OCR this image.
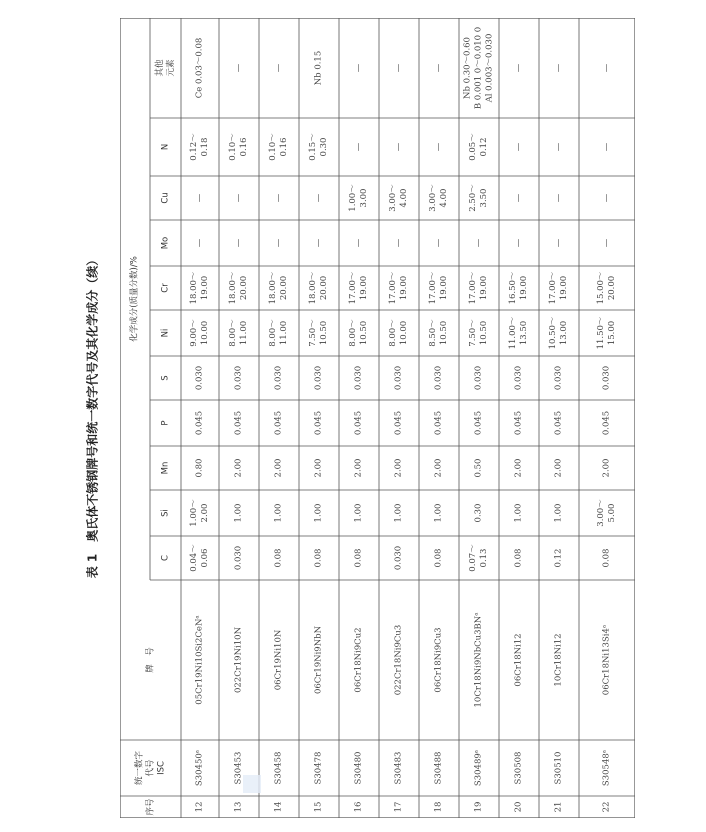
表 1　奥氏体不锈钢牌号和统一数字代号及其化学成分（续）	化学成分(质量分数)/%
其他
元素
N
Cu
Mo
Cr
Ni
S
P
Mn
Si
C
牌　号
统一数字
代号
ISC
序号
Ce 0.03～0.08
0.12～
0.18
—
—
18.00～
19.00
9.00～
10.00
0.030
0.045
0.80
1.00～
2.00
0.04～
0.06
05Cr19Ni10Si2CeNᵃ
S30450ᵃ
12
—
0.10～
0.16
—
—
18.00～
20.00
8.00～
11.00
0.030
0.045
2.00
1.00
0.030
022Cr19Ni10N
S30453
13
—
0.10～
0.16
—
—
18.00～
20.00
8.00～
11.00
0.030
0.045
2.00
1.00
0.08
06Cr19Ni10N
S30458
14
Nb 0.15
0.15～
0.30
—
—
18.00～
20.00
7.50～
10.50
0.030
0.045
2.00
1.00
0.08
06Cr19Ni9NbN
S30478
15
—
—
1.00～
3.00
—
17.00～
19.00
8.00～
10.50
0.030
0.045
2.00
1.00
0.08
06Cr18Ni9Cu2
S30480
16
—
—
3.00～
4.00
—
17.00～
19.00
8.00～
10.00
0.030
0.045
2.00
1.00
0.030
022Cr18Ni9Cu3
S30483
17
—
—
3.00～
4.00
—
17.00～
19.00
8.50～
10.50
0.030
0.045
2.00
1.00
0.08
06Cr18Ni9Cu3
S30488
18
Nb 0.30～0.60
B 0.001 0～0.010 0
Al 0.003～0.030
0.05～
0.12
2.50～
3.50
—
17.00～
19.00
7.50～
10.50
0.030
0.045
0.50
0.30
0.07～
0.13
10Cr18Ni9NbCu3BNᵃ
S30489ᵃ
19
—
—
—
—
16.50～
19.00
11.00～
13.50
0.030
0.045
2.00
1.00
0.08
06Cr18Ni12
S30508
20
—
—
—
—
17.00～
19.00
10.50～
13.00
0.030
0.045
2.00
1.00
0.12
10Cr18Ni12
S30510
21
—
—
—
—
15.00～
20.00
11.50～
15.00
0.030
0.045
2.00
3.00～
5.00
0.08
06Cr18Ni13Si4ᵃ
S30548ᵃ
22
